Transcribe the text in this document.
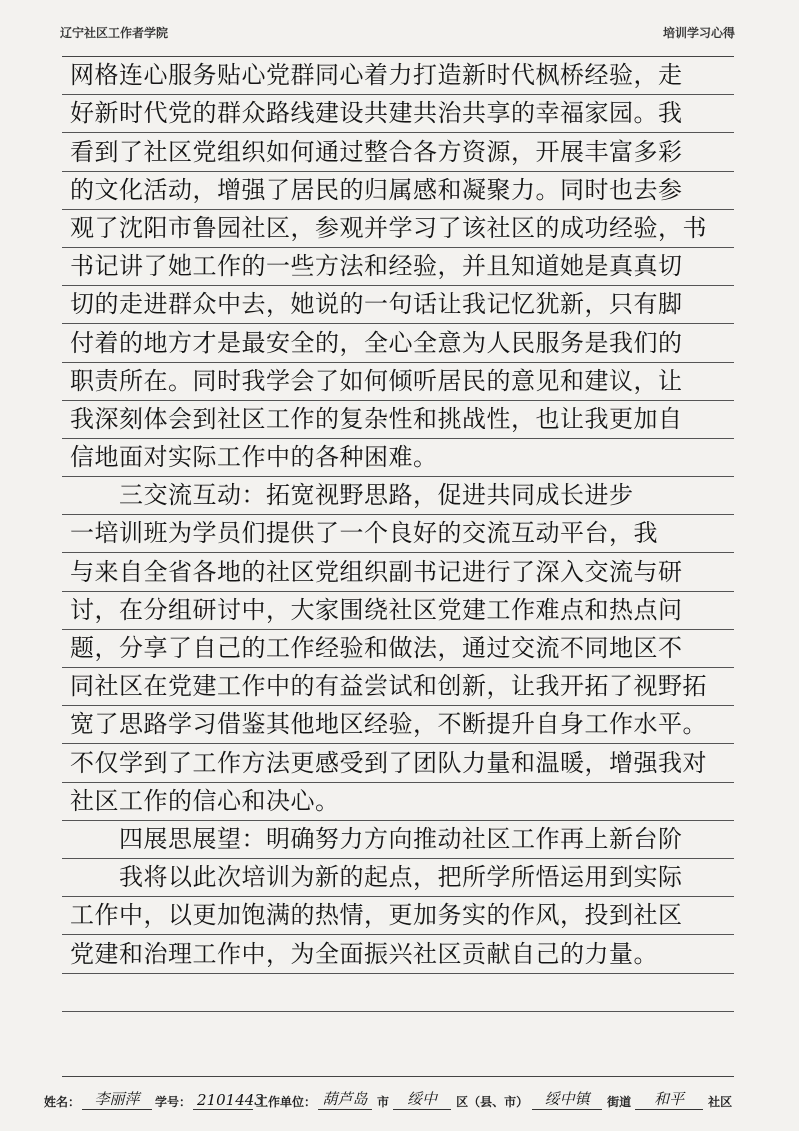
辽宁社区工作者学院	培训学习心得
网格连心服务贴心党群同心着力打造新时代枫桥经验，走
好新时代党的群众路线建设共建共治共享的幸福家园。我
看到了社区党组织如何通过整合各方资源，开展丰富多彩
的文化活动，增强了居民的归属感和凝聚力。同时也去参
观了沈阳市鲁园社区，参观并学习了该社区的成功经验，书
书记讲了她工作的一些方法和经验，并且知道她是真真切
切的走进群众中去，她说的一句话让我记忆犹新，只有脚
付着的地方才是最安全的，全心全意为人民服务是我们的
职责所在。同时我学会了如何倾听居民的意见和建议，让
我深刻体会到社区工作的复杂性和挑战性，也让我更加自
信地面对实际工作中的各种困难。
　　三交流互动：拓宽视野思路，促进共同成长进步
一培训班为学员们提供了一个良好的交流互动平台，我
与来自全省各地的社区党组织副书记进行了深入交流与研
讨，在分组研讨中，大家围绕社区党建工作难点和热点问
题，分享了自己的工作经验和做法，通过交流不同地区不
同社区在党建工作中的有益尝试和创新，让我开拓了视野拓
宽了思路学习借鉴其他地区经验，不断提升自身工作水平。
不仅学到了工作方法更感受到了团队力量和温暖，增强我对
社区工作的信心和决心。
　　四展思展望：明确努力方向推动社区工作再上新台阶
　　我将以此次培训为新的起点，把所学所悟运用到实际
工作中，以更加饱满的热情，更加务实的作风，投到社区
党建和治理工作中，为全面振兴社区贡献自己的力量。
姓名： 李丽萍	学号： 2101443
工作单位： 葫芦岛 市	绥中	区（县、市）	绥中镇	街道	和平	社区
